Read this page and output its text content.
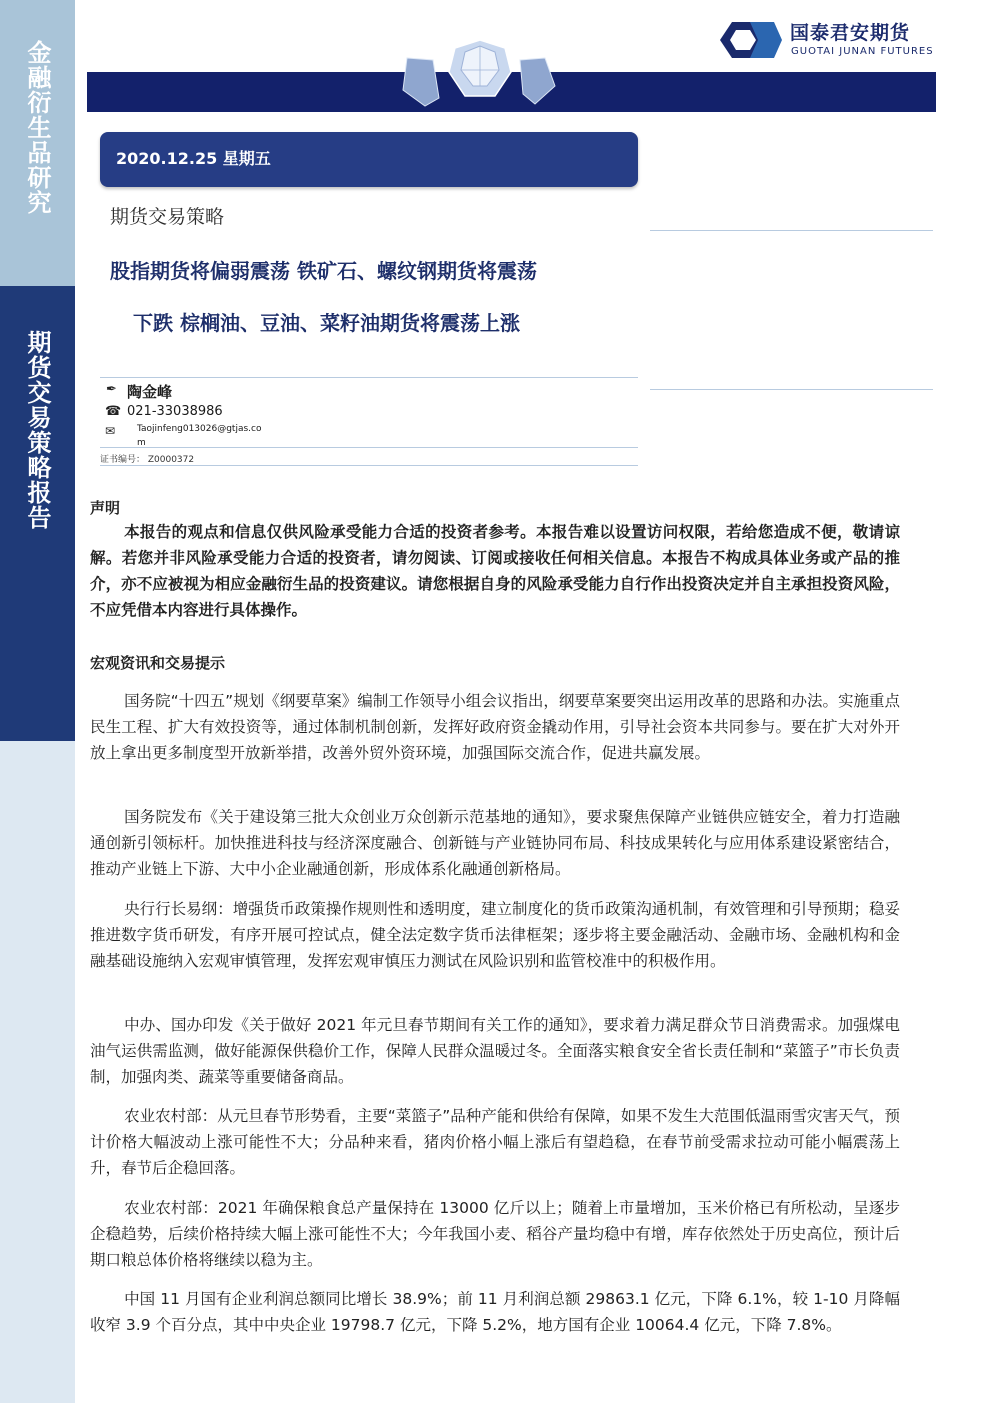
金融衍生品研究
期货交易策略报告
国泰君安期货
GUOTAI JUNAN FUTURES
2020.12.25 星期五
期货交易策略
股指期货将偏弱震荡 铁矿石、螺纹钢期货将震荡
下跌 棕榈油、豆油、菜籽油期货将震荡上涨
✒ 陶金峰
☎ 021-33038986
✉ Taojinfeng013026@gtjas.com
证书编号： Z0000372
声明
本报告的观点和信息仅供风险承受能力合适的投资者参考。本报告难以设置访问权限，若给您造成不便，敬请谅解。若您并非风险承受能力合适的投资者，请勿阅读、订阅或接收任何相关信息。本报告不构成具体业务或产品的推介，亦不应被视为相应金融衍生品的投资建议。请您根据自身的风险承受能力自行作出投资决定并自主承担投资风险，不应凭借本内容进行具体操作。
宏观资讯和交易提示
国务院“十四五”规划《纲要草案》编制工作领导小组会议指出，纲要草案要突出运用改革的思路和办法。实施重点民生工程、扩大有效投资等，通过体制机制创新，发挥好政府资金撬动作用，引导社会资本共同参与。要在扩大对外开放上拿出更多制度型开放新举措，改善外贸外资环境，加强国际交流合作，促进共赢发展。
国务院发布《关于建设第三批大众创业万众创新示范基地的通知》，要求聚焦保障产业链供应链安全，着力打造融通创新引领标杆。加快推进科技与经济深度融合、创新链与产业链协同布局、科技成果转化与应用体系建设紧密结合，推动产业链上下游、大中小企业融通创新，形成体系化融通创新格局。
央行行长易纲：增强货币政策操作规则性和透明度，建立制度化的货币政策沟通机制，有效管理和引导预期；稳妥推进数字货币研发，有序开展可控试点，健全法定数字货币法律框架；逐步将主要金融活动、金融市场、金融机构和金融基础设施纳入宏观审慎管理，发挥宏观审慎压力测试在风险识别和监管校准中的积极作用。
中办、国办印发《关于做好 2021 年元旦春节期间有关工作的通知》，要求着力满足群众节日消费需求。加强煤电油气运供需监测，做好能源保供稳价工作，保障人民群众温暖过冬。全面落实粮食安全省长责任制和“菜篮子”市长负责制，加强肉类、蔬菜等重要储备商品。
农业农村部：从元旦春节形势看，主要“菜篮子”品种产能和供给有保障，如果不发生大范围低温雨雪灾害天气，预计价格大幅波动上涨可能性不大；分品种来看，猪肉价格小幅上涨后有望趋稳，在春节前受需求拉动可能小幅震荡上升，春节后企稳回落。
农业农村部：2021 年确保粮食总产量保持在 13000 亿斤以上；随着上市量增加，玉米价格已有所松动，呈逐步企稳趋势，后续价格持续大幅上涨可能性不大；今年我国小麦、稻谷产量均稳中有增，库存依然处于历史高位，预计后期口粮总体价格将继续以稳为主。
中国 11 月国有企业利润总额同比增长 38.9%；前 11 月利润总额 29863.1 亿元，下降 6.1%，较 1-10 月降幅收窄 3.9 个百分点，其中中央企业 19798.7 亿元，下降 5.2%，地方国有企业 10064.4 亿元，下降 7.8%。
